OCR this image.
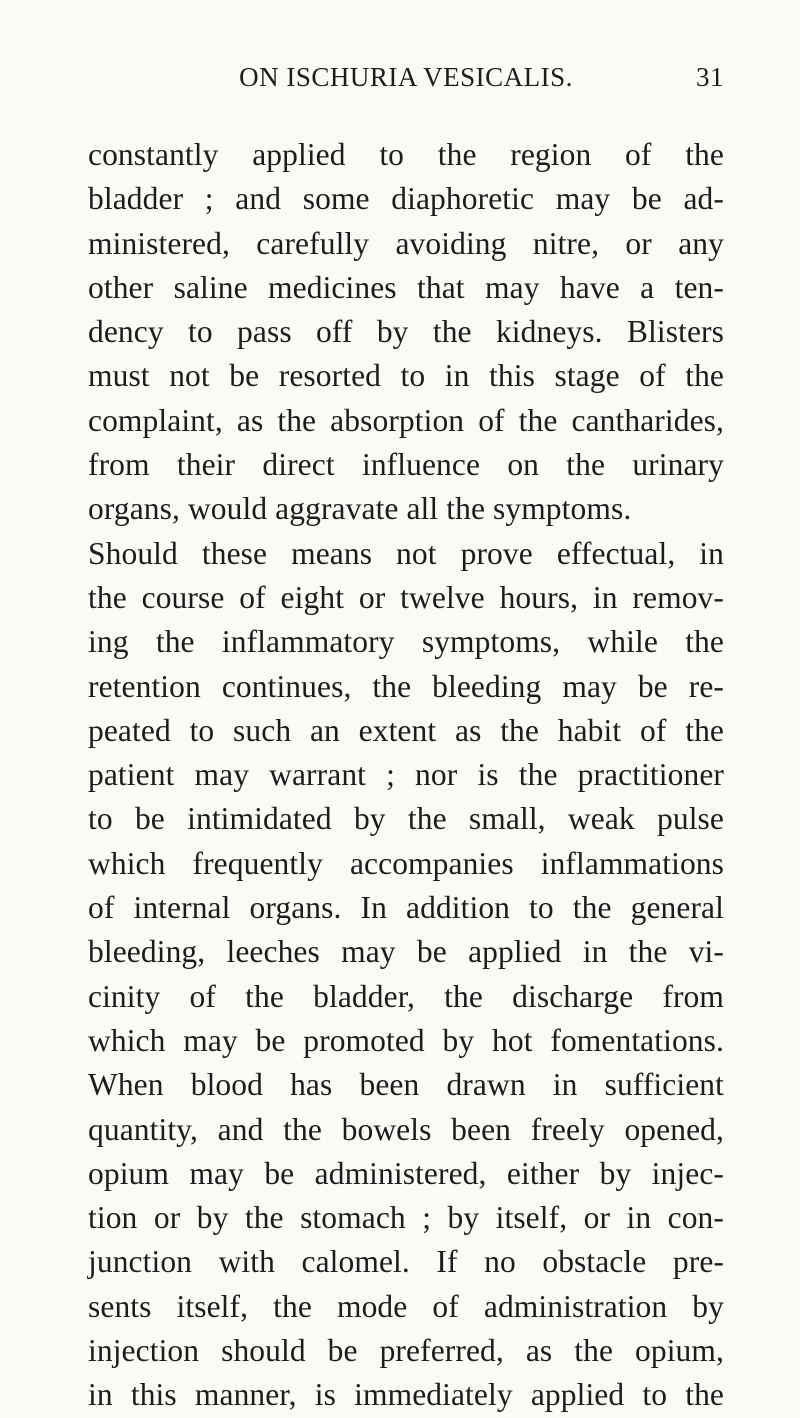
ON ISCHURIA VESICALIS.	31
constantly applied to the region of the
bladder ; and some diaphoretic may be ad-
ministered, carefully avoiding nitre, or any
other saline medicines that may have a ten-
dency to pass off by the kidneys. Blisters
must not be resorted to in this stage of the
complaint, as the absorption of the cantharides,
from their direct influence on the urinary
organs, would aggravate all the symptoms.
Should these means not prove effectual, in
the course of eight or twelve hours, in remov-
ing the inflammatory symptoms, while the
retention continues, the bleeding may be re-
peated to such an extent as the habit of the
patient may warrant ; nor is the practitioner
to be intimidated by the small, weak pulse
which frequently accompanies inflammations
of internal organs. In addition to the general
bleeding, leeches may be applied in the vi-
cinity of the bladder, the discharge from
which may be promoted by hot fomentations.
When blood has been drawn in sufficient
quantity, and the bowels been freely opened,
opium may be administered, either by injec-
tion or by the stomach ; by itself, or in con-
junction with calomel. If no obstacle pre-
sents itself, the mode of administration by
injection should be preferred, as the opium,
in this manner, is immediately applied to the
